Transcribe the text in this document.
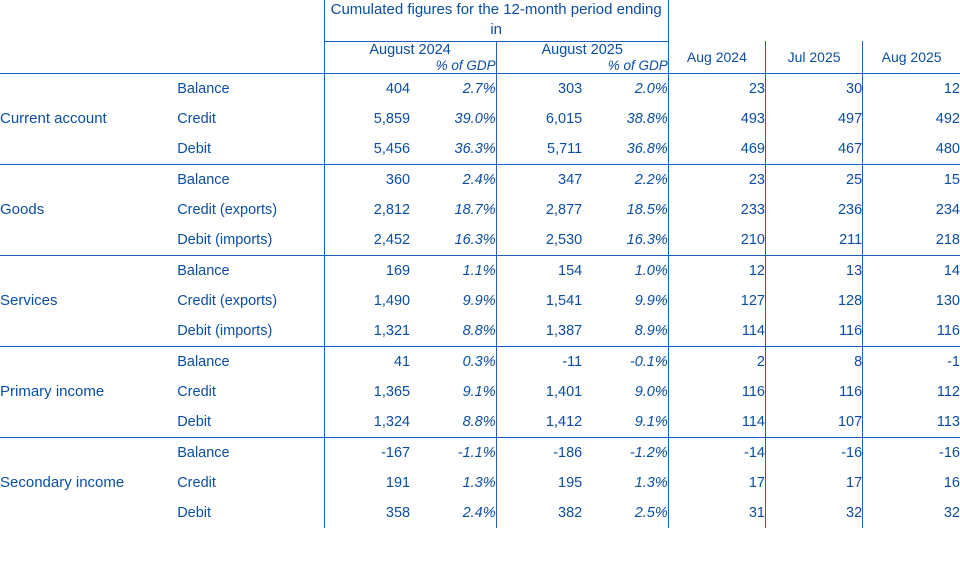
		Cumulated figures for the 12-month period ending in						
		August 2024		August 2025		Aug 2024	Jul 2025	Aug 2025
			% of GDP		% of GDP			
Current account	Balance	404	2.7%	303	2.0%	23	30	12
	Credit	5,859	39.0%	6,015	38.8%	493	497	492
	Debit	5,456	36.3%	5,711	36.8%	469	467	480
Goods	Balance	360	2.4%	347	2.2%	23	25	15
	Credit (exports)	2,812	18.7%	2,877	18.5%	233	236	234
	Debit (imports)	2,452	16.3%	2,530	16.3%	210	211	218
Services	Balance	169	1.1%	154	1.0%	12	13	14
	Credit (exports)	1,490	9.9%	1,541	9.9%	127	128	130
	Debit (imports)	1,321	8.8%	1,387	8.9%	114	116	116
Primary income	Balance	41	0.3%	-11	-0.1%	2	8	-1
	Credit	1,365	9.1%	1,401	9.0%	116	116	112
	Debit	1,324	8.8%	1,412	9.1%	114	107	113
Secondary income	Balance	-167	-1.1%	-186	-1.2%	-14	-16	-16
	Credit	191	1.3%	195	1.3%	17	17	16
	Debit	358	2.4%	382	2.5%	31	32	32
